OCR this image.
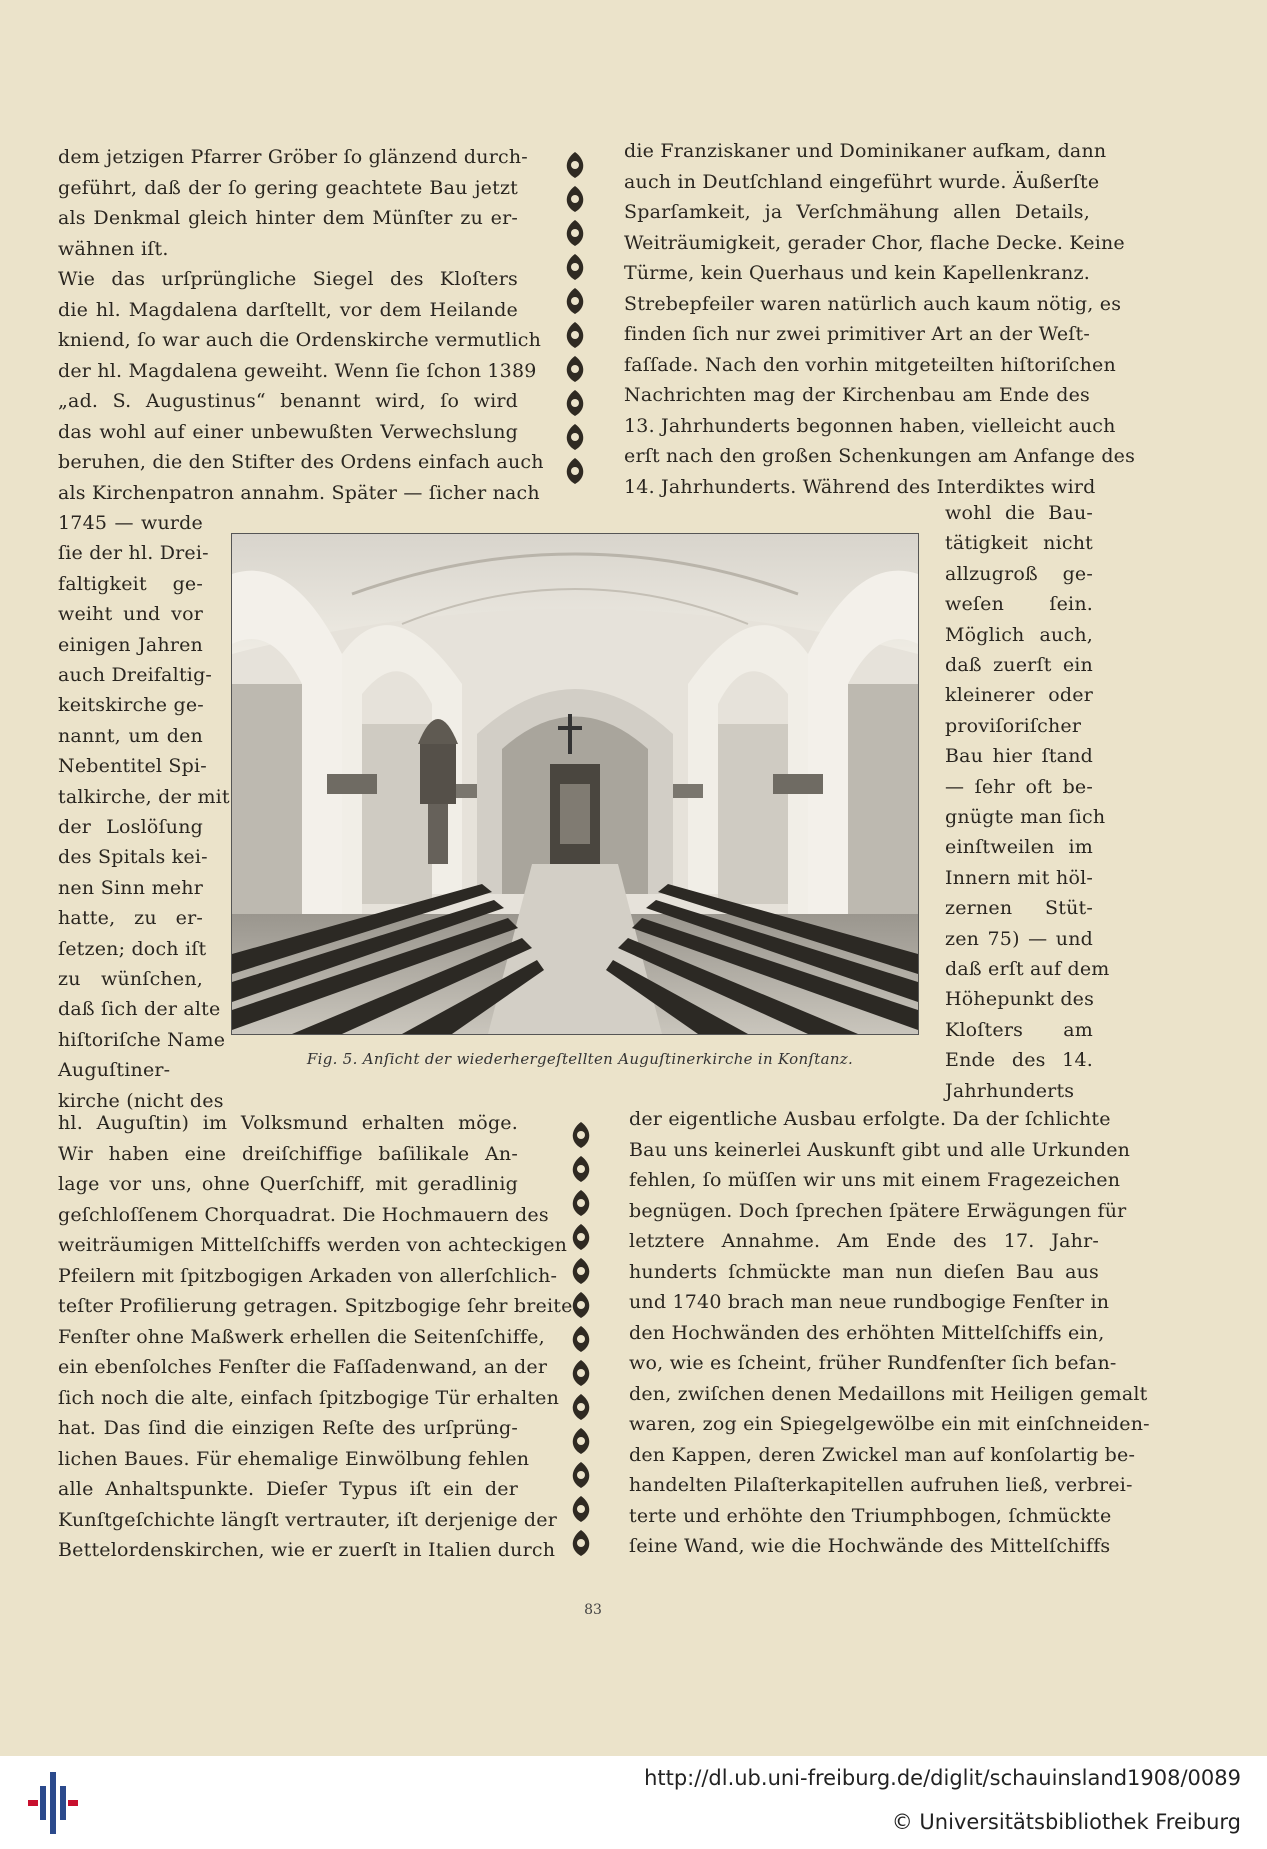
dem jetzigen Pfarrer Gröber ſo glänzend durch-
geführt, daß der ſo gering geachtete Bau jetzt
als Denkmal gleich hinter dem Münſter zu er-
wähnen iſt.
Wie das urſprüngliche Siegel des Kloſters
die hl. Magdalena darſtellt, vor dem Heilande
kniend, ſo war auch die Ordenskirche vermutlich
der hl. Magdalena geweiht. Wenn ſie ſchon 1389
„ad. S. Augustinus“ benannt wird, ſo wird
das wohl auf einer unbewußten Verwechslung
beruhen, die den Stifter des Ordens einfach auch
als Kirchenpatron annahm. Später — ſicher nach
1745 — wurde
ſie der hl. Drei-
faltigkeit ge-
weiht und vor
einigen Jahren
auch Dreifaltig-
keitskirche ge-
nannt, um den
Nebentitel Spi-
talkirche, der mit
der Loslöſung
des Spitals kei-
nen Sinn mehr
hatte, zu er-
ſetzen; doch iſt
zu wünſchen,
daß ſich der alte
hiſtoriſche Name
Auguſtiner-
kirche (nicht des
hl. Auguſtin) im Volksmund erhalten möge.
Wir haben eine dreiſchiffige baſilikale An-
lage vor uns, ohne Querſchiff, mit geradlinig
geſchloſſenem Chorquadrat. Die Hochmauern des
weiträumigen Mittelſchiffs werden von achteckigen
Pfeilern mit ſpitzbogigen Arkaden von allerſchlich-
teſter Profilierung getragen. Spitzbogige ſehr breite
Fenſter ohne Maßwerk erhellen die Seitenſchiffe,
ein ebenſolches Fenſter die Faſſadenwand, an der
ſich noch die alte, einfach ſpitzbogige Tür erhalten
hat. Das ſind die einzigen Reſte des urſprüng-
lichen Baues. Für ehemalige Einwölbung fehlen
alle Anhaltspunkte. Dieſer Typus iſt ein der
Kunſtgeſchichte längſt vertrauter, iſt derjenige der
Bettelordenskirchen, wie er zuerſt in Italien durch
die Franziskaner und Dominikaner aufkam, dann
auch in Deutſchland eingeführt wurde. Äußerſte
Sparſamkeit, ja Verſchmähung allen Details,
Weiträumigkeit, gerader Chor, flache Decke. Keine
Türme, kein Querhaus und kein Kapellenkranz.
Strebepfeiler waren natürlich auch kaum nötig, es
finden ſich nur zwei primitiver Art an der Weſt-
faſſade. Nach den vorhin mitgeteilten hiſtoriſchen
Nachrichten mag der Kirchenbau am Ende des
13. Jahrhunderts begonnen haben, vielleicht auch
erſt nach den großen Schenkungen am Anfange des
14. Jahrhunderts. Während des Interdiktes wird
wohl die Bau-
tätigkeit nicht
allzugroß ge-
weſen ſein.
Möglich auch,
daß zuerſt ein
kleinerer oder
proviſoriſcher
Bau hier ſtand
— ſehr oft be-
gnügte man ſich
einſtweilen im
Innern mit höl-
zernen Stüt-
zen 75) — und
daß erſt auf dem
Höhepunkt des
Kloſters am
Ende des 14.
Jahrhunderts
der eigentliche Ausbau erfolgte. Da der ſchlichte
Bau uns keinerlei Auskunft gibt und alle Urkunden
fehlen, ſo müſſen wir uns mit einem Fragezeichen
begnügen. Doch ſprechen ſpätere Erwägungen für
letztere Annahme. Am Ende des 17. Jahr-
hunderts ſchmückte man nun dieſen Bau aus
und 1740 brach man neue rundbogige Fenſter in
den Hochwänden des erhöhten Mittelſchiffs ein,
wo, wie es ſcheint, früher Rundfenſter ſich befan-
den, zwiſchen denen Medaillons mit Heiligen gemalt
waren, zog ein Spiegelgewölbe ein mit einſchneiden-
den Kappen, deren Zwickel man auf konſolartig be-
handelten Pilaſterkapitellen aufruhen ließ, verbrei-
terte und erhöhte den Triumphbogen, ſchmückte
ſeine Wand, wie die Hochwände des Mittelſchiffs
Fig. 5. Anſicht der wiederhergeſtellten Auguſtinerkirche in Konſtanz.
83
http://dl.ub.uni-freiburg.de/diglit/schauinsland1908/0089
© Universitätsbibliothek Freiburg
